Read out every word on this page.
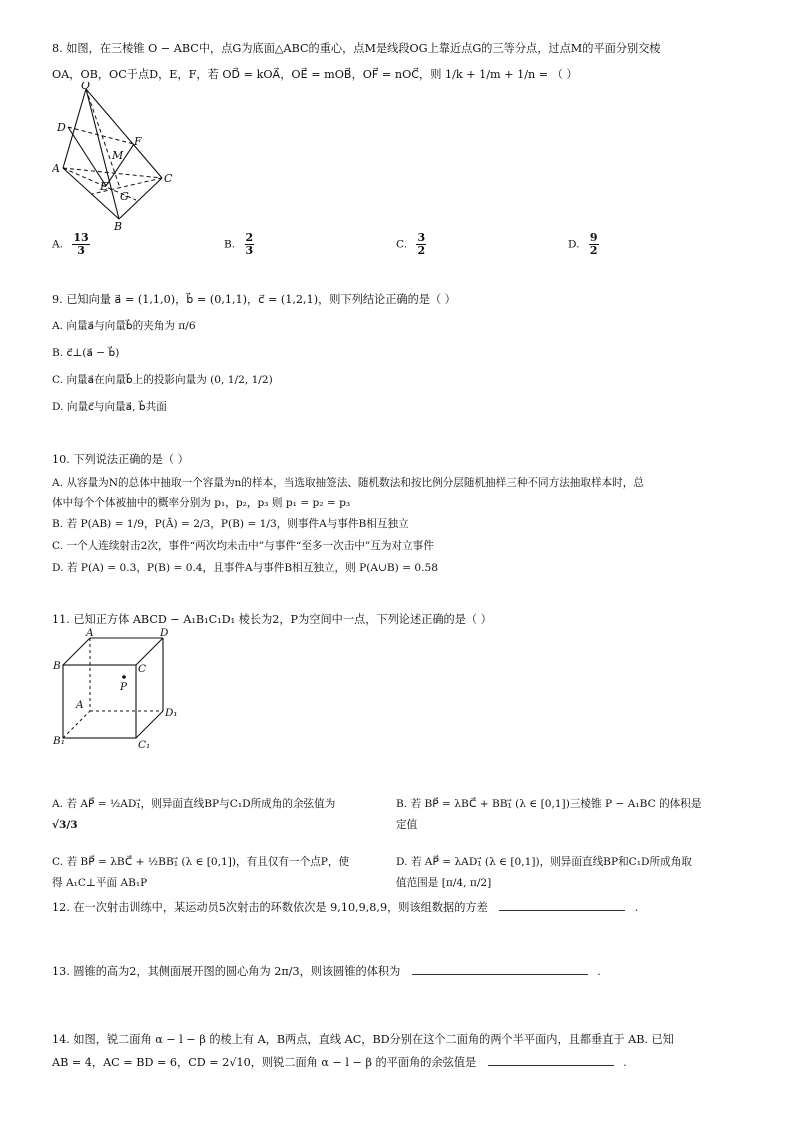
8. 如图，在三棱锥 O − ABC中，点G为底面△ABC的重心，点M是线段OG上靠近点G的三等分点，过点M的平面分别交棱
OA，OB，OC于点D，E，F，若 OD⃗ = kOA⃗，OE⃗ = mOB⃗，OF⃗ = nOC⃗，则 1/k + 1/m + 1/n = （ ）
O
D
F
M
A
E
C
G
B
A. $\frac{13}{3}$	B. $\frac{2}{3}$	C. $\frac{3}{2}$	D. $\frac{9}{2}$
9. 已知向量 a⃗ = (1,1,0)，b⃗ = (0,1,1)，c⃗ = (1,2,1)，则下列结论正确的是（ ）
A. 向量a⃗与向量b⃗的夹角为 π/6
B. c⃗⊥(a⃗ − b⃗)
C. 向量a⃗在向量b⃗上的投影向量为 (0, 1/2, 1/2)
D. 向量c⃗与向量a⃗, b⃗共面
10. 下列说法正确的是（ ）
A. 从容量为N的总体中抽取一个容量为n的样本，当选取抽签法、随机数法和按比例分层随机抽样三种不同方法抽取样本时，总
体中每个个体被抽中的概率分别为 p₁，p₂，p₃ 则 p₁ = p₂ = p₃
B. 若 P(AB) = 1/9，P(Ā) = 2/3，P(B) = 1/3，则事件A与事件B相互独立
C. 一个人连续射击2次，事件“两次均未击中”与事件“至多一次击中”互为对立事件
D. 若 P(A) = 0.3，P(B) = 0.4，且事件A与事件B相互独立，则 P(A∪B) = 0.58
11. 已知正方体 ABCD − A₁B₁C₁D₁ 棱长为2，P为空间中一点，下列论述正确的是（ ）
A	D
B	C
P
A
D₁
B₁	C₁
A. 若 AP⃗ = ½AD₁⃗，则异面直线BP与C₁D所成角的余弦值为
√3/3
B. 若 BP⃗ = λBC⃗ + BB₁⃗ (λ ∈ [0,1])三棱锥 P − A₁BC 的体积是
定值
C. 若 BP⃗ = λBC⃗ + ½BB₁⃗ (λ ∈ [0,1])，有且仅有一个点P，使
得 A₁C⊥平面 AB₁P
D. 若 AP⃗ = λAD₁⃗ (λ ∈ [0,1])，则异面直线BP和C₁D所成角取
值范围是 [π/4, π/2]
12. 在一次射击训练中，某运动员5次射击的环数依次是 9,10,9,8,9，则该组数据的方差	.
13. 圆锥的高为2，其侧面展开图的圆心角为 2π/3，则该圆锥的体积为	.
14. 如图，锐二面角 α − l − β 的棱上有 A，B两点，直线 AC，BD分别在这个二面角的两个半平面内，且都垂直于 AB. 已知
AB = 4，AC = BD = 6，CD = 2√10，则锐二面角 α − l − β 的平面角的余弦值是	.
